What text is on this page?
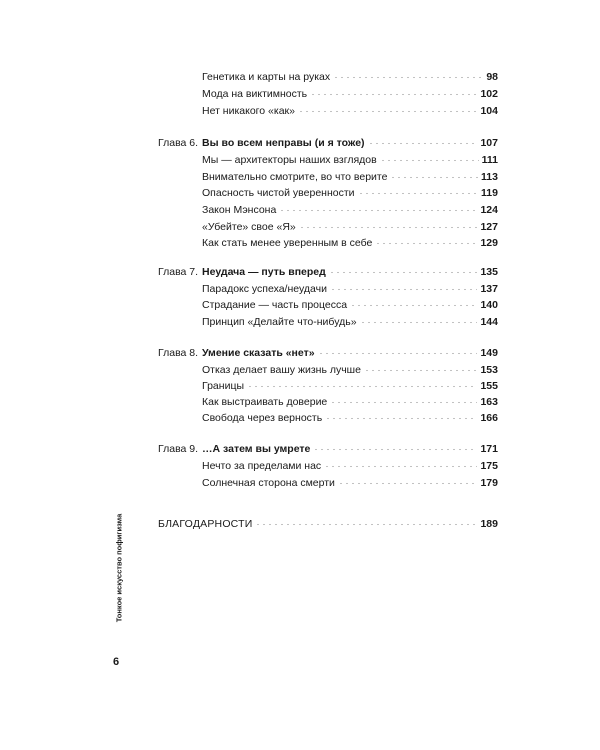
Генетика и карты на руках	98
Мода на виктимность	102
Нет никакого «как»	104
Глава 6. Вы во всем неправы (и я тоже)	107
Мы — архитекторы наших взглядов	111
Внимательно смотрите, во что верите	113
Опасность чистой уверенности	119
Закон Мэнсона	124
«Убейте» свое «Я»	127
Как стать менее уверенным в себе	129
Глава 7. Неудача — путь вперед	135
Парадокс успеха/неудачи	137
Страдание — часть процесса	140
Принцип «Делайте что-нибудь»	144
Глава 8. Умение сказать «нет»	149
Отказ делает вашу жизнь лучше	153
Границы	155
Как выстраивать доверие	163
Свобода через верность	166
Глава 9. …А затем вы умрете	171
Нечто за пределами нас	175
Солнечная сторона смерти	179
БЛАГОДАРНОСТИ	189
Тонкое искусство пофигизма
6
